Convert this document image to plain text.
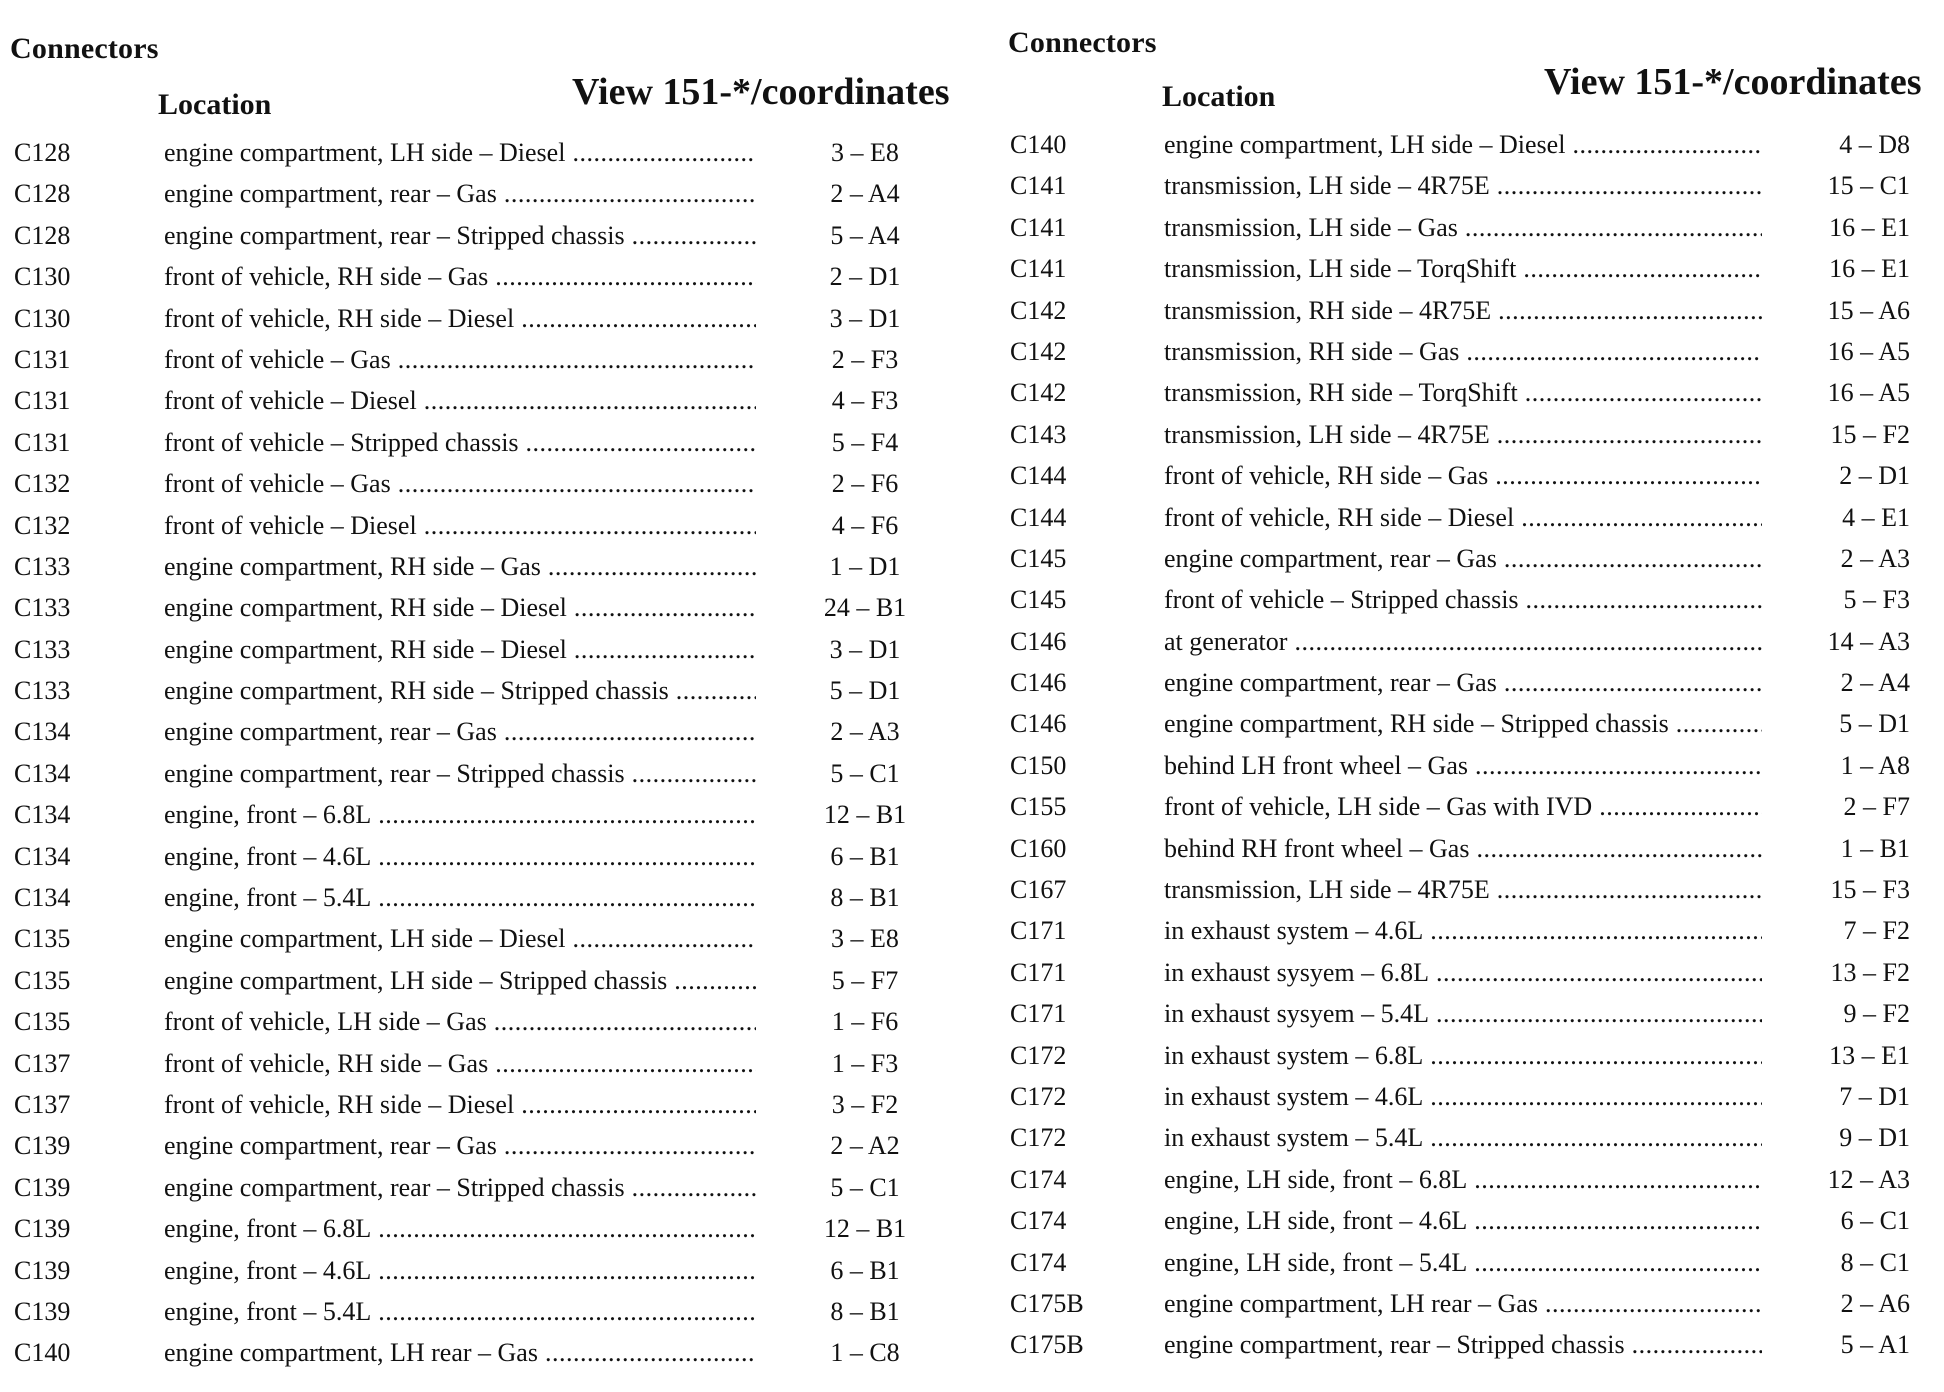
Connectors
Location	View 151-*/coordinates
C128	engine compartment, LH side – Diesel .....	3 – E8
C128	engine compartment, rear – Gas .....	2 – A4
C128	engine compartment, rear – Stripped chassis .....	5 – A4
C130	front of vehicle, RH side – Gas .....	2 – D1
C130	front of vehicle, RH side – Diesel .....	3 – D1
C131	front of vehicle – Gas .....	2 – F3
C131	front of vehicle – Diesel .....	4 – F3
C131	front of vehicle – Stripped chassis .....	5 – F4
C132	front of vehicle – Gas .....	2 – F6
C132	front of vehicle – Diesel .....	4 – F6
C133	engine compartment, RH side – Gas .....	1 – D1
C133	engine compartment, RH side – Diesel .....	24 – B1
C133	engine compartment, RH side – Diesel .....	3 – D1
C133	engine compartment, RH side – Stripped chassis .....	5 – D1
C134	engine compartment, rear – Gas .....	2 – A3
C134	engine compartment, rear – Stripped chassis .....	5 – C1
C134	engine, front – 6.8L .....	12 – B1
C134	engine, front – 4.6L .....	6 – B1
C134	engine, front – 5.4L .....	8 – B1
C135	engine compartment, LH side – Diesel .....	3 – E8
C135	engine compartment, LH side – Stripped chassis .....	5 – F7
C135	front of vehicle, LH side – Gas .....	1 – F6
C137	front of vehicle, RH side – Gas .....	1 – F3
C137	front of vehicle, RH side – Diesel .....	3 – F2
C139	engine compartment, rear – Gas .....	2 – A2
C139	engine compartment, rear – Stripped chassis .....	5 – C1
C139	engine, front – 6.8L .....	12 – B1
C139	engine, front – 4.6L .....	6 – B1
C139	engine, front – 5.4L .....	8 – B1
C140	engine compartment, LH rear – Gas .....	1 – C8
Connectors
Location	View 151-*/coordinates
C140	engine compartment, LH side – Diesel .....	4 – D8
C141	transmission, LH side – 4R75E .....	15 – C1
C141	transmission, LH side – Gas .....	16 – E1
C141	transmission, LH side – TorqShift .....	16 – E1
C142	transmission, RH side – 4R75E .....	15 – A6
C142	transmission, RH side – Gas .....	16 – A5
C142	transmission, RH side – TorqShift .....	16 – A5
C143	transmission, LH side – 4R75E .....	15 – F2
C144	front of vehicle, RH side – Gas .....	2 – D1
C144	front of vehicle, RH side – Diesel .....	4 – E1
C145	engine compartment, rear – Gas .....	2 – A3
C145	front of vehicle – Stripped chassis .....	5 – F3
C146	at generator .....	14 – A3
C146	engine compartment, rear – Gas .....	2 – A4
C146	engine compartment, RH side – Stripped chassis .....	5 – D1
C150	behind LH front wheel – Gas .....	1 – A8
C155	front of vehicle, LH side – Gas with IVD .....	2 – F7
C160	behind RH front wheel – Gas .....	1 – B1
C167	transmission, LH side – 4R75E .....	15 – F3
C171	in exhaust system – 4.6L .....	7 – F2
C171	in exhaust sysyem – 6.8L .....	13 – F2
C171	in exhaust sysyem – 5.4L .....	9 – F2
C172	in exhaust system – 6.8L .....	13 – E1
C172	in exhaust system – 4.6L .....	7 – D1
C172	in exhaust system – 5.4L .....	9 – D1
C174	engine, LH side, front – 6.8L .....	12 – A3
C174	engine, LH side, front – 4.6L .....	6 – C1
C174	engine, LH side, front – 5.4L .....	8 – C1
C175B	engine compartment, LH rear – Gas .....	2 – A6
C175B	engine compartment, rear – Stripped chassis .....	5 – A1
